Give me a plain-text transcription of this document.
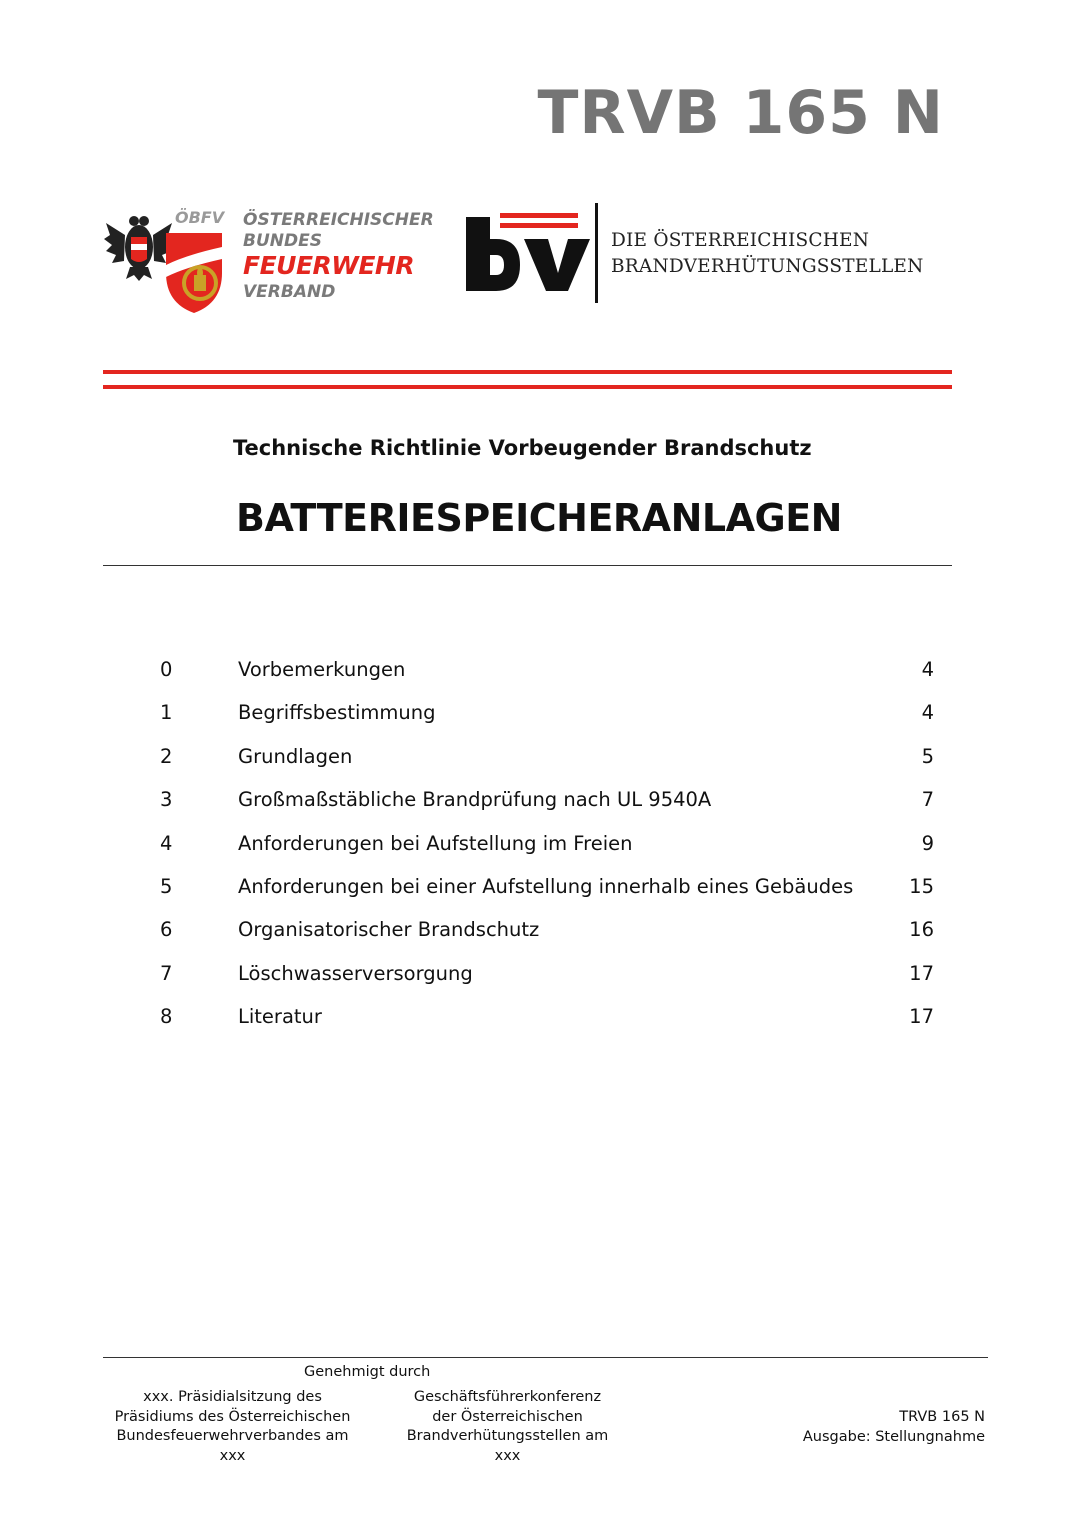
TRVB 165 N
ÖBFV ÖSTERREICHISCHER
BUNDES
FEUERWEHR
VERBAND
DIE ÖSTERREICHISCHEN
BRANDVERHÜTUNGSSTELLEN
Technische Richtlinie Vorbeugender Brandschutz
BATTERIESPEICHERANLAGEN
0	Vorbemerkungen	4
1	Begriffsbestimmung	4
2	Grundlagen	5
3	Großmaßstäbliche Brandprüfung nach UL 9540A	7
4	Anforderungen bei Aufstellung im Freien	9
5	Anforderungen bei einer Aufstellung innerhalb eines Gebäudes	15
6	Organisatorischer Brandschutz	16
7	Löschwasserversorgung	17
8	Literatur	17
Genehmigt durch
xxx. Präsidialsitzung des
Präsidiums des Österreichischen
Bundesfeuerwehrverbandes am
xxx
Geschäftsführerkonferenz
der Österreichischen
Brandverhütungsstellen am
xxx
TRVB 165 N
Ausgabe: Stellungnahme
